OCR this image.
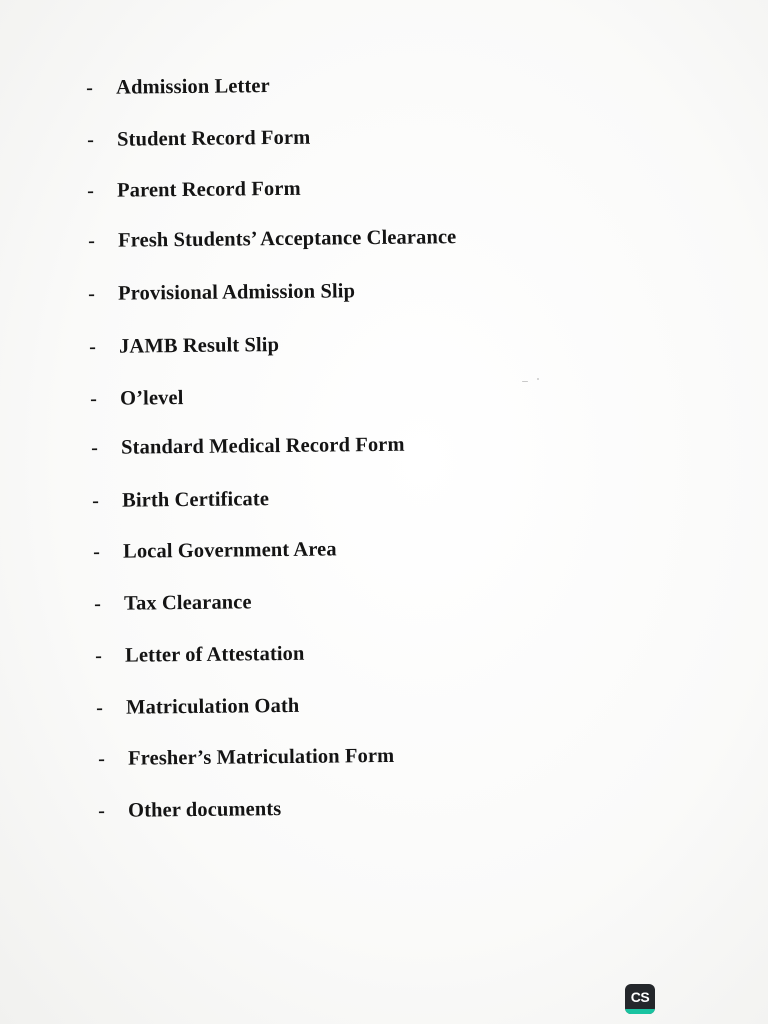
- Admission Letter
- Student Record Form
- Parent Record Form
- Fresh Students’ Acceptance Clearance
- Provisional Admission Slip
- JAMB Result Slip
- O’level
- Standard Medical Record Form
- Birth Certificate
- Local Government Area
- Tax Clearance
- Letter of Attestation
- Matriculation Oath
- Fresher’s Matriculation Form
- Other documents
CS
